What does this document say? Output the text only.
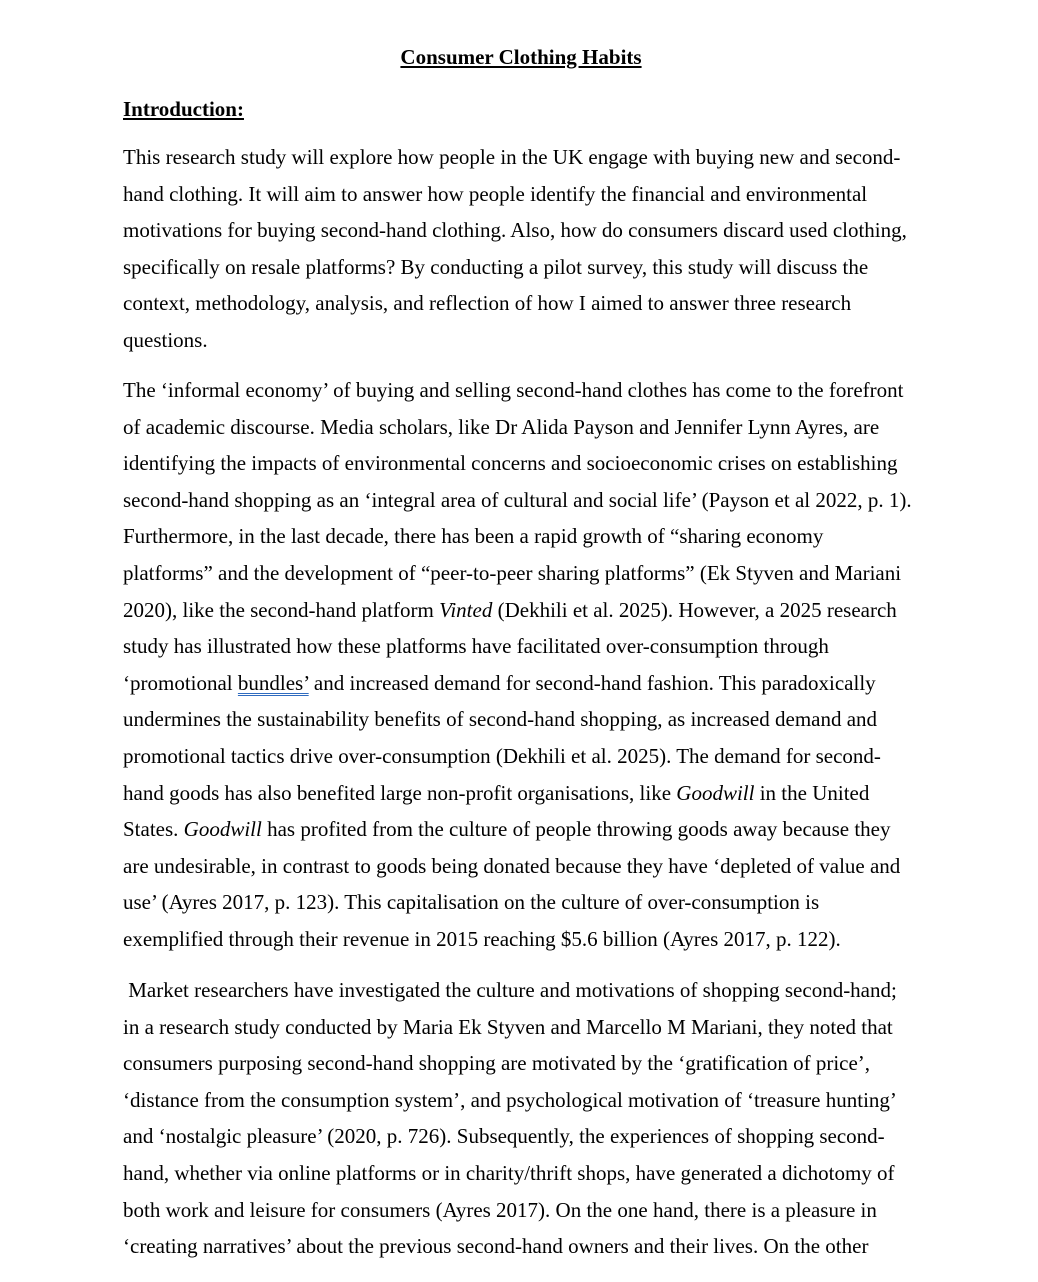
Consumer Clothing Habits
Introduction:
This research study will explore how people in the UK engage with buying new and second-
hand clothing. It will aim to answer how people identify the financial and environmental
motivations for buying second-hand clothing. Also, how do consumers discard used clothing,
specifically on resale platforms? By conducting a pilot survey, this study will discuss the
context, methodology, analysis, and reflection of how I aimed to answer three research
questions.
The ‘informal economy’ of buying and selling second-hand clothes has come to the forefront
of academic discourse. Media scholars, like Dr Alida Payson and Jennifer Lynn Ayres, are
identifying the impacts of environmental concerns and socioeconomic crises on establishing
second-hand shopping as an ‘integral area of cultural and social life’ (Payson et al 2022, p. 1).
Furthermore, in the last decade, there has been a rapid growth of “sharing economy
platforms” and the development of “peer-to-peer sharing platforms” (Ek Styven and Mariani
2020), like the second-hand platform Vinted (Dekhili et al. 2025). However, a 2025 research
study has illustrated how these platforms have facilitated over-consumption through
‘promotional bundles’ and increased demand for second-hand fashion. This paradoxically
undermines the sustainability benefits of second-hand shopping, as increased demand and
promotional tactics drive over-consumption (Dekhili et al. 2025). The demand for second-
hand goods has also benefited large non-profit organisations, like Goodwill in the United
States. Goodwill has profited from the culture of people throwing goods away because they
are undesirable, in contrast to goods being donated because they have ‘depleted of value and
use’ (Ayres 2017, p. 123). This capitalisation on the culture of over-consumption is
exemplified through their revenue in 2015 reaching $5.6 billion (Ayres 2017, p. 122).
Market researchers have investigated the culture and motivations of shopping second-hand;
in a research study conducted by Maria Ek Styven and Marcello M Mariani, they noted that
consumers purposing second-hand shopping are motivated by the ‘gratification of price’,
‘distance from the consumption system’, and psychological motivation of ‘treasure hunting’
and ‘nostalgic pleasure’ (2020, p. 726). Subsequently, the experiences of shopping second-
hand, whether via online platforms or in charity/thrift shops, have generated a dichotomy of
both work and leisure for consumers (Ayres 2017). On the one hand, there is a pleasure in
‘creating narratives’ about the previous second-hand owners and their lives. On the other
